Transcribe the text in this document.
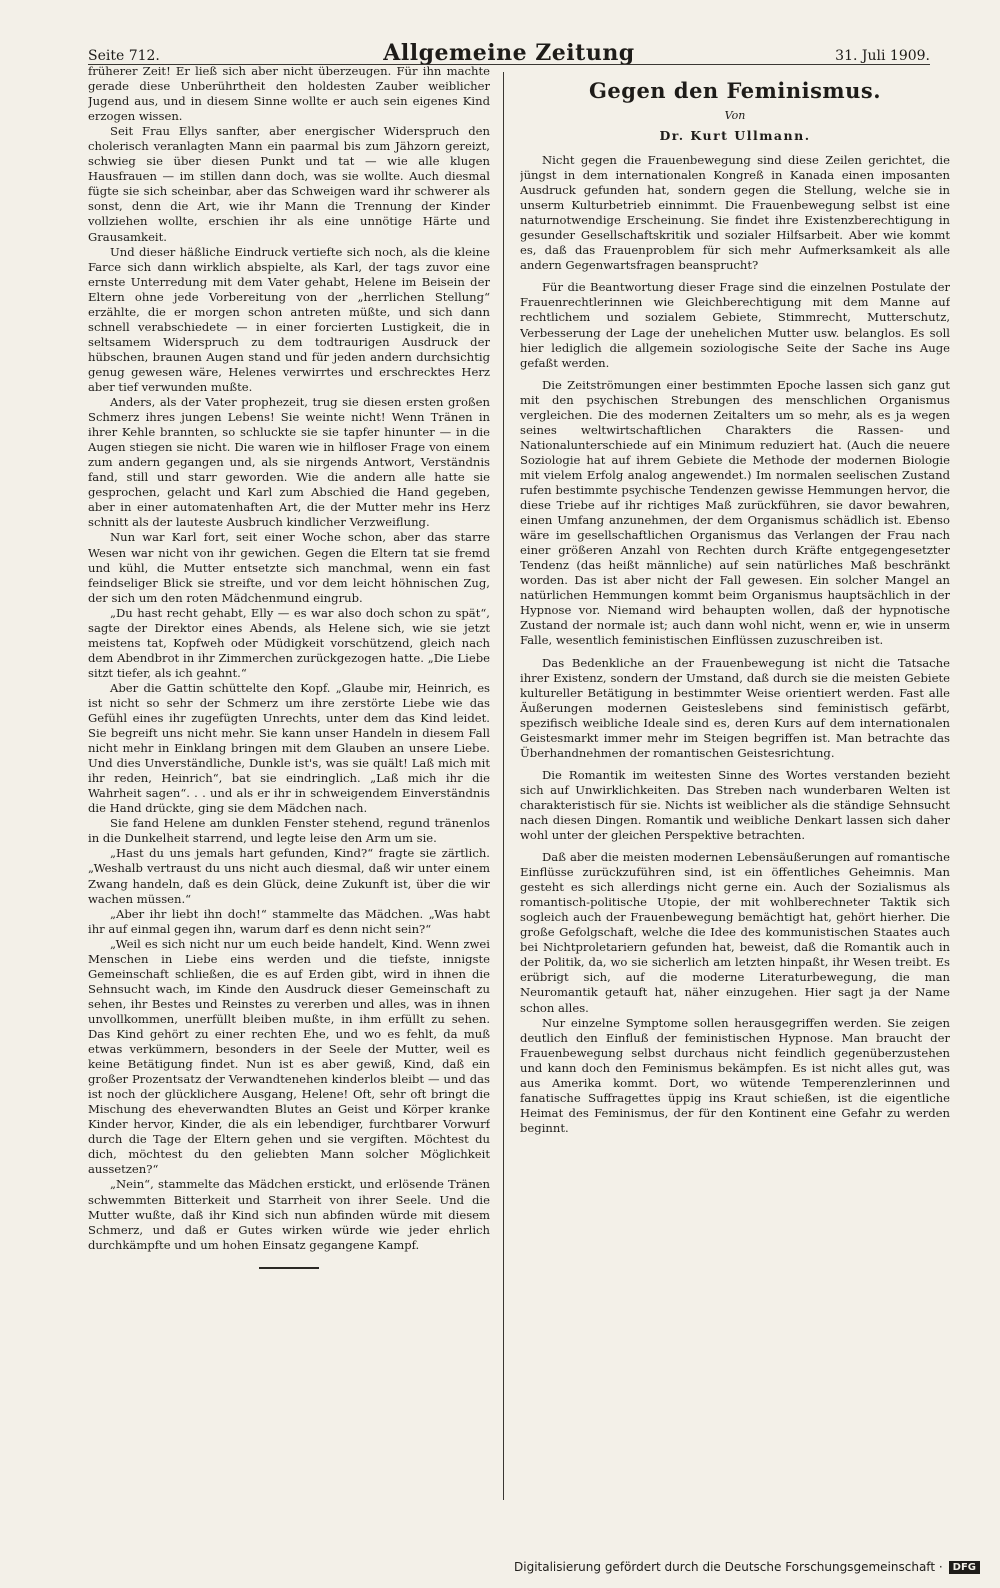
Seite 712.	Allgemeine Zeitung	31. Juli 1909.

früherer Zeit! Er ließ sich aber nicht überzeugen. Für ihn machte gerade diese Unberührtheit den holdesten Zauber weiblicher Jugend aus, und in diesem Sinne wollte er auch sein eigenes Kind erzogen wissen.

Seit Frau Ellys sanfter, aber energischer Widerspruch den cholerisch veranlagten Mann ein paarmal bis zum Jähzorn gereizt, schwieg sie über diesen Punkt und tat — wie alle klugen Hausfrauen — im stillen dann doch, was sie wollte. Auch diesmal fügte sie sich scheinbar, aber das Schweigen ward ihr schwerer als sonst, denn die Art, wie ihr Mann die Trennung der Kinder vollziehen wollte, erschien ihr als eine unnötige Härte und Grausamkeit.

Und dieser häßliche Eindruck vertiefte sich noch, als die kleine Farce sich dann wirklich abspielte, als Karl, der tags zuvor eine ernste Unterredung mit dem Vater gehabt, Helene im Beisein der Eltern ohne jede Vorbereitung von der „herrlichen Stellung“ erzählte, die er morgen schon antreten müßte, und sich dann schnell verabschiedete — in einer forcierten Lustigkeit, die in seltsamem Widerspruch zu dem todtraurigen Ausdruck der hübschen, braunen Augen stand und für jeden andern durchsichtig genug gewesen wäre, Helenes verwirrtes und erschrecktes Herz aber tief verwunden mußte.

Anders, als der Vater prophezeit, trug sie diesen ersten großen Schmerz ihres jungen Lebens! Sie weinte nicht! Wenn Tränen in ihrer Kehle brannten, so schluckte sie sie tapfer hinunter — in die Augen stiegen sie nicht. Die waren wie in hilfloser Frage von einem zum andern gegangen und, als sie nirgends Antwort, Verständnis fand, still und starr geworden. Wie die andern alle hatte sie gesprochen, gelacht und Karl zum Abschied die Hand gegeben, aber in einer automatenhaften Art, die der Mutter mehr ins Herz schnitt als der lauteste Ausbruch kindlicher Verzweiflung.

Nun war Karl fort, seit einer Woche schon, aber das starre Wesen war nicht von ihr gewichen. Gegen die Eltern tat sie fremd und kühl, die Mutter entsetzte sich manchmal, wenn ein fast feindseliger Blick sie streifte, und vor dem leicht höhnischen Zug, der sich um den roten Mädchenmund eingrub.

„Du hast recht gehabt, Elly — es war also doch schon zu spät“, sagte der Direktor eines Abends, als Helene sich, wie sie jetzt meistens tat, Kopfweh oder Müdigkeit vorschützend, gleich nach dem Abendbrot in ihr Zimmerchen zurückgezogen hatte. „Die Liebe sitzt tiefer, als ich geahnt.“

Aber die Gattin schüttelte den Kopf. „Glaube mir, Heinrich, es ist nicht so sehr der Schmerz um ihre zerstörte Liebe wie das Gefühl eines ihr zugefügten Unrechts, unter dem das Kind leidet. Sie begreift uns nicht mehr. Sie kann unser Handeln in diesem Fall nicht mehr in Einklang bringen mit dem Glauben an unsere Liebe. Und dies Unverständliche, Dunkle ist's, was sie quält! Laß mich mit ihr reden, Heinrich“, bat sie eindringlich. „Laß mich ihr die Wahrheit sagen“. . . und als er ihr in schweigendem Einverständnis die Hand drückte, ging sie dem Mädchen nach.

Sie fand Helene am dunklen Fenster stehend, regund tränenlos in die Dunkelheit starrend, und legte leise den Arm um sie.

„Hast du uns jemals hart gefunden, Kind?“ fragte sie zärtlich. „Weshalb vertraust du uns nicht auch diesmal, daß wir unter einem Zwang handeln, daß es dein Glück, deine Zukunft ist, über die wir wachen müssen.“

„Aber ihr liebt ihn doch!“ stammelte das Mädchen. „Was habt ihr auf einmal gegen ihn, warum darf es denn nicht sein?“

„Weil es sich nicht nur um euch beide handelt, Kind. Wenn zwei Menschen in Liebe eins werden und die tiefste, innigste Gemeinschaft schließen, die es auf Erden gibt, wird in ihnen die Sehnsucht wach, im Kinde den Ausdruck dieser Gemeinschaft zu sehen, ihr Bestes und Reinstes zu vererben und alles, was in ihnen unvollkommen, unerfüllt bleiben mußte, in ihm erfüllt zu sehen. Das Kind gehört zu einer rechten Ehe, und wo es fehlt, da muß etwas verkümmern, besonders in der Seele der Mutter, weil es keine Betätigung findet. Nun ist es aber gewiß, Kind, daß ein großer Prozentsatz der Verwandtenehen kinderlos bleibt — und das ist noch der glücklichere Ausgang, Helene! Oft, sehr oft bringt die Mischung des eheverwandten Blutes an Geist und Körper kranke Kinder hervor, Kinder, die als ein lebendiger, furchtbarer Vorwurf durch die Tage der Eltern gehen und sie vergiften. Möchtest du dich, möchtest du den geliebten Mann solcher Möglichkeit aussetzen?“

„Nein“, stammelte das Mädchen erstickt, und erlösende Tränen schwemmten Bitterkeit und Starrheit von ihrer Seele. Und die Mutter wußte, daß ihr Kind sich nun abfinden würde mit diesem Schmerz, und daß er Gutes wirken würde wie jeder ehrlich durchkämpfte und um hohen Einsatz gegangene Kampf.

Gegen den Feminismus.
Von
Dr. Kurt Ullmann.

Nicht gegen die Frauenbewegung sind diese Zeilen gerichtet, die jüngst in dem internationalen Kongreß in Kanada einen imposanten Ausdruck gefunden hat, sondern gegen die Stellung, welche sie in unserm Kulturbetrieb einnimmt. Die Frauenbewegung selbst ist eine naturnotwendige Erscheinung. Sie findet ihre Existenzberechtigung in gesunder Gesellschaftskritik und sozialer Hilfsarbeit. Aber wie kommt es, daß das Frauenproblem für sich mehr Aufmerksamkeit als alle andern Gegenwartsfragen beansprucht?

Für die Beantwortung dieser Frage sind die einzelnen Postulate der Frauenrechtlerinnen wie Gleichberechtigung mit dem Manne auf rechtlichem und sozialem Gebiete, Stimmrecht, Mutterschutz, Verbesserung der Lage der unehelichen Mutter usw. belanglos. Es soll hier lediglich die allgemein soziologische Seite der Sache ins Auge gefaßt werden.

Die Zeitströmungen einer bestimmten Epoche lassen sich ganz gut mit den psychischen Strebungen des menschlichen Organismus vergleichen. Die des modernen Zeitalters um so mehr, als es ja wegen seines weltwirtschaftlichen Charakters die Rassen- und Nationalunterschiede auf ein Minimum reduziert hat. (Auch die neuere Soziologie hat auf ihrem Gebiete die Methode der modernen Biologie mit vielem Erfolg analog angewendet.) Im normalen seelischen Zustand rufen bestimmte psychische Tendenzen gewisse Hemmungen hervor, die diese Triebe auf ihr richtiges Maß zurückführen, sie davor bewahren, einen Umfang anzunehmen, der dem Organismus schädlich ist. Ebenso wäre im gesellschaftlichen Organismus das Verlangen der Frau nach einer größeren Anzahl von Rechten durch Kräfte entgegengesetzter Tendenz (das heißt männliche) auf sein natürliches Maß beschränkt worden. Das ist aber nicht der Fall gewesen. Ein solcher Mangel an natürlichen Hemmungen kommt beim Organismus hauptsächlich in der Hypnose vor. Niemand wird behaupten wollen, daß der hypnotische Zustand der normale ist; auch dann wohl nicht, wenn er, wie in unserm Falle, wesentlich feministischen Einflüssen zuzuschreiben ist.

Das Bedenkliche an der Frauenbewegung ist nicht die Tatsache ihrer Existenz, sondern der Umstand, daß durch sie die meisten Gebiete kultureller Betätigung in bestimmter Weise orientiert werden. Fast alle Äußerungen modernen Geisteslebens sind feministisch gefärbt, spezifisch weibliche Ideale sind es, deren Kurs auf dem internationalen Geistesmarkt immer mehr im Steigen begriffen ist. Man betrachte das Überhandnehmen der romantischen Geistesrichtung.

Die Romantik im weitesten Sinne des Wortes verstanden bezieht sich auf Unwirklichkeiten. Das Streben nach wunderbaren Welten ist charakteristisch für sie. Nichts ist weiblicher als die ständige Sehnsucht nach diesen Dingen. Romantik und weibliche Denkart lassen sich daher wohl unter der gleichen Perspektive betrachten.

Daß aber die meisten modernen Lebensäußerungen auf romantische Einflüsse zurückzuführen sind, ist ein öffentliches Geheimnis. Man gesteht es sich allerdings nicht gerne ein. Auch der Sozialismus als romantisch-politische Utopie, der mit wohlberechneter Taktik sich sogleich auch der Frauenbewegung bemächtigt hat, gehört hierher. Die große Gefolgschaft, welche die Idee des kommunistischen Staates auch bei Nichtproletariern gefunden hat, beweist, daß die Romantik auch in der Politik, da, wo sie sicherlich am letzten hinpaßt, ihr Wesen treibt. Es erübrigt sich, auf die moderne Literaturbewegung, die man Neuromantik getauft hat, näher einzugehen. Hier sagt ja der Name schon alles.

Nur einzelne Symptome sollen herausgegriffen werden. Sie zeigen deutlich den Einfluß der feministischen Hypnose. Man braucht der Frauenbewegung selbst durchaus nicht feindlich gegenüberzustehen und kann doch den Feminismus bekämpfen. Es ist nicht alles gut, was aus Amerika kommt. Dort, wo wütende Temperenzlerinnen und fanatische Suffragettes üppig ins Kraut schießen, ist die eigentliche Heimat des Feminismus, der für den Kontinent eine Gefahr zu werden beginnt.

Digitalisierung gefördert durch die Deutsche Forschungsgemeinschaft ·	DFG
